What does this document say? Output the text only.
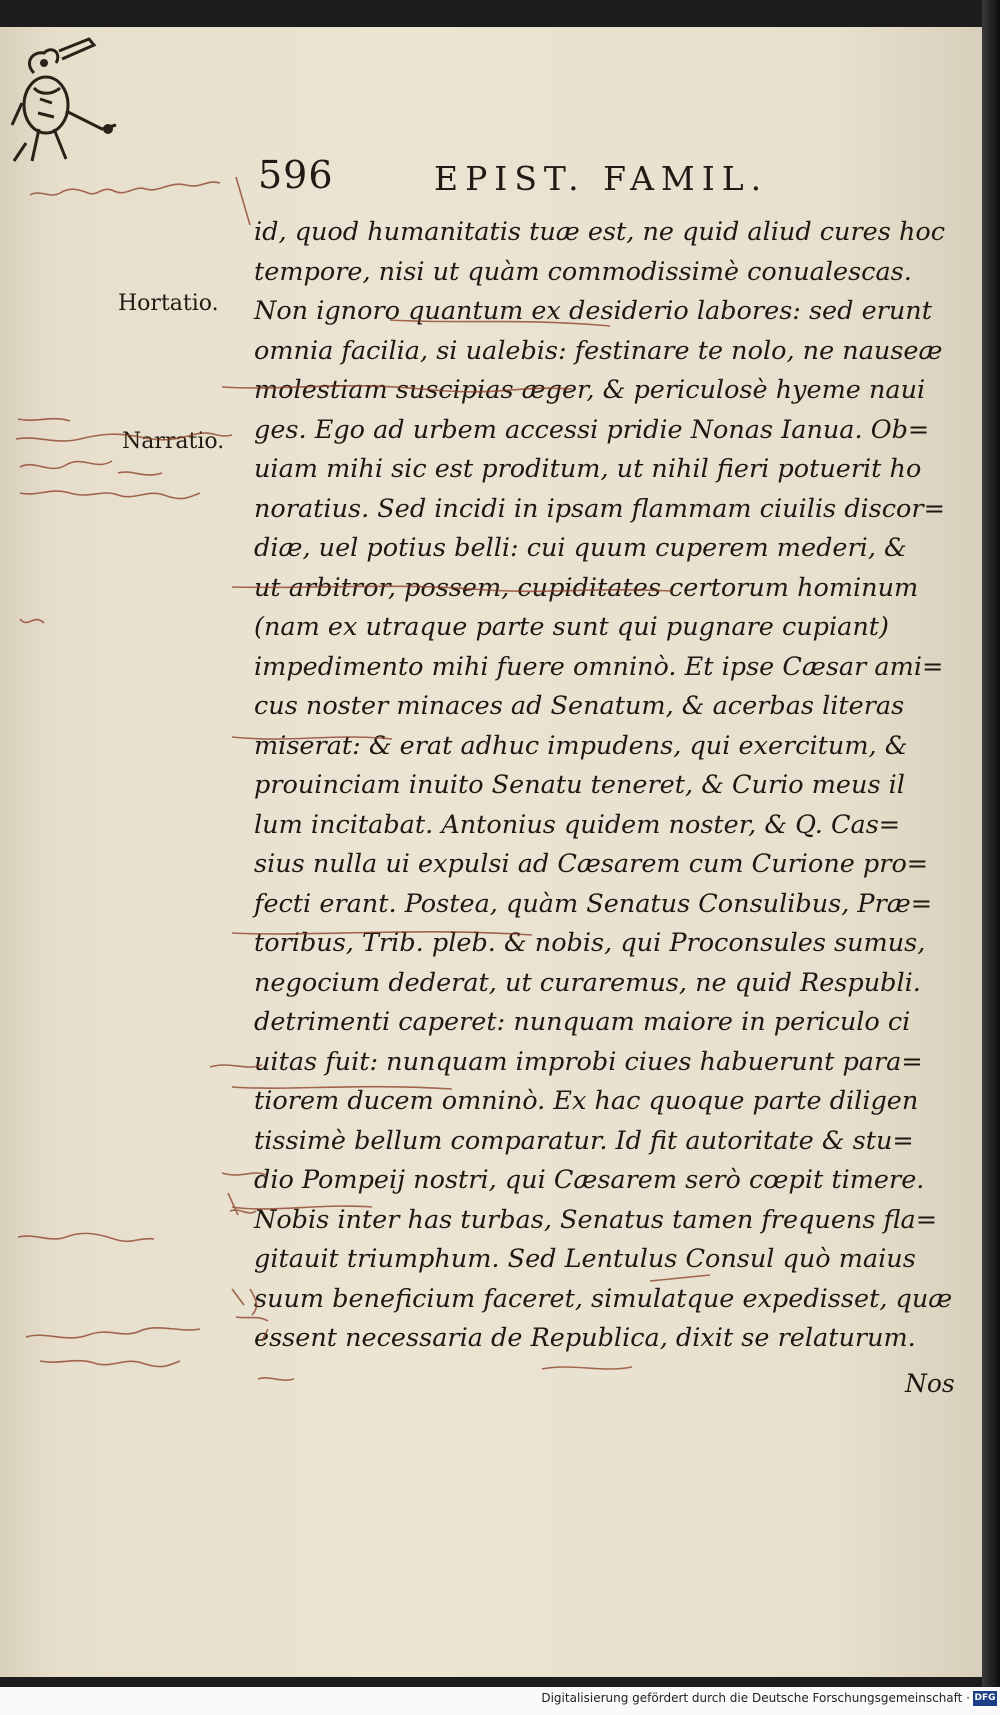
596	EPIST. FAMIL.
Hortatio.
Narratio.
id, quod humanitatis tuæ est, ne quid aliud cures hoc
tempore, nisi ut quàm commodissimè conualescas.
Non ignoro quantum ex desiderio labores: sed erunt
omnia facilia, si ualebis: festinare te nolo, ne nauseæ
molestiam suscipias æger, & periculosè hyeme naui
ges. Ego ad urbem accessi pridie Nonas Ianua. Ob=
uiam mihi sic est proditum, ut nihil fieri potuerit ho
noratius. Sed incidi in ipsam flammam ciuilis discor=
diæ, uel potius belli: cui quum cuperem mederi, &
ut arbitror, possem, cupiditates certorum hominum
(nam ex utraque parte sunt qui pugnare cupiant)
impedimento mihi fuere omninò. Et ipse Cæsar ami=
cus noster minaces ad Senatum, & acerbas literas
miserat: & erat adhuc impudens, qui exercitum, &
prouinciam inuito Senatu teneret, & Curio meus il
lum incitabat. Antonius quidem noster, & Q. Cas=
sius nulla ui expulsi ad Cæsarem cum Curione pro=
fecti erant. Postea, quàm Senatus Consulibus, Præ=
toribus, Trib. pleb. & nobis, qui Proconsules sumus,
negocium dederat, ut curaremus, ne quid Respubli.
detrimenti caperet: nunquam maiore in periculo ci
uitas fuit: nunquam improbi ciues habuerunt para=
tiorem ducem omninò. Ex hac quoque parte diligen
tissimè bellum comparatur. Id fit autoritate & stu=
dio Pompeij nostri, qui Cæsarem serò cœpit timere.
Nobis inter has turbas, Senatus tamen frequens fla=
gitauit triumphum. Sed Lentulus Consul quò maius
suum beneficium faceret, simulatque expedisset, quæ
essent necessaria de Republica, dixit se relaturum.
Nos
Digitalisierung gefördert durch die Deutsche Forschungsgemeinschaft · DFG
